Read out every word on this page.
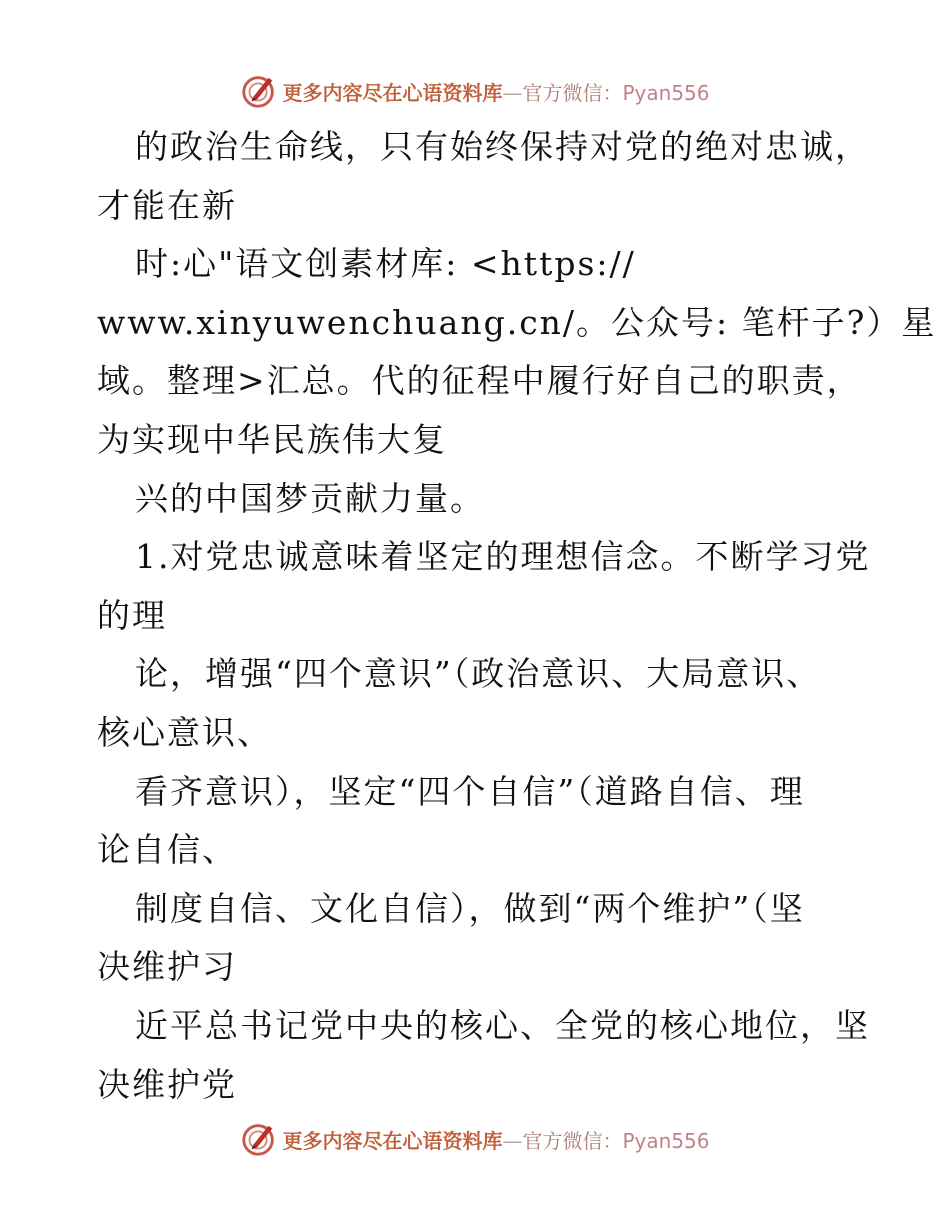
更多内容尽在心语资料库—官方微信：Pyan556
的政治生命线，只有始终保持对党的绝对忠诚，
才能在新
时:心"语文创素材库: <https://
www.xinyuwenchuang.cn/。公众号: 笔杆子?）星
域。整理>汇总。代的征程中履行好自己的职责，
为实现中华民族伟大复
兴的中国梦贡献力量。
1.对党忠诚意味着坚定的理想信念。不断学习党
的理
论，增强“四个意识”（政治意识、大局意识、
核心意识、
看齐意识），坚定“四个自信”（道路自信、理
论自信、
制度自信、文化自信），做到“两个维护”（坚
决维护习
近平总书记党中央的核心、全党的核心地位，坚
决维护党
更多内容尽在心语资料库—官方微信：Pyan556
